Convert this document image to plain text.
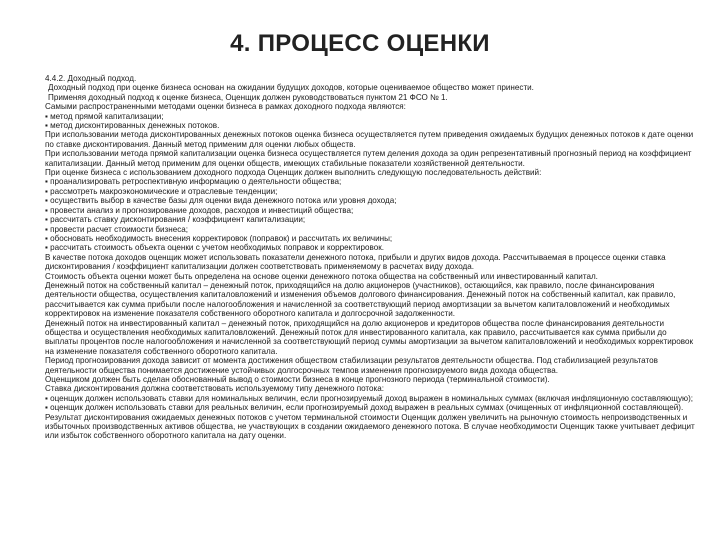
4. ПРОЦЕСС ОЦЕНКИ

4.4.2. Доходный подход.

Доходный подход при оценке бизнеса основан на ожидании будущих доходов, которые оцениваемое общество может принести.

Применяя доходный подход к оценке бизнеса, Оценщик должен руководствоваться пунктом 21 ФСО № 1.

Самыми распространенными методами оценки бизнеса в рамках доходного подхода являются:

▪ метод прямой капитализации;

▪ метод дисконтированных денежных потоков.

При использовании метода дисконтированных денежных потоков оценка бизнеса осуществляется путем приведения ожидаемых будущих денежных потоков к дате оценки по ставке дисконтирования. Данный метод применим для оценки любых обществ.

При использовании метода прямой капитализации оценка бизнеса осуществляется путем деления дохода за один репрезентативный прогнозный период на коэффициент капитализации. Данный метод применим для оценки обществ, имеющих стабильные показатели хозяйственной деятельности.

При оценке бизнеса с использованием доходного подхода Оценщик должен выполнить следующую последовательность действий:

▪ проанализировать ретроспективную информацию о деятельности общества;

▪ рассмотреть макроэкономические и отраслевые тенденции;

▪ осуществить выбор в качестве базы для оценки вида денежного потока или уровня дохода;

▪ провести анализ и прогнозирование доходов, расходов и инвестиций общества;

▪ рассчитать ставку дисконтирования / коэффициент капитализации;

▪ провести расчет стоимости бизнеса;

▪ обосновать необходимость внесения корректировок (поправок) и рассчитать их величины;

▪ рассчитать стоимость объекта оценки с учетом необходимых поправок и корректировок.

В качестве потока доходов оценщик может использовать показатели денежного потока, прибыли и других видов дохода. Рассчитываемая в процессе оценки ставка дисконтирования / коэффициент капитализации должен соответствовать применяемому в расчетах виду дохода.

Стоимость объекта оценки может быть определена на основе оценки денежного потока общества на собственный или инвестированный капитал.

Денежный поток на собственный капитал – денежный поток, приходящийся на долю акционеров (участников), остающийся, как правило, после финансирования деятельности общества, осуществления капиталовложений и изменения объемов долгового финансирования. Денежный поток на собственный капитал, как правило, рассчитывается как сумма прибыли после налогообложения и начисленной за соответствующий период амортизации за вычетом капиталовложений и необходимых корректировок на изменение показателя собственного оборотного капитала и долгосрочной задолженности.

Денежный поток на инвестированный капитал – денежный поток, приходящийся на долю акционеров и кредиторов общества после финансирования деятельности общества и осуществления необходимых капиталовложений. Денежный поток для инвестированного капитала, как правило, рассчитывается как сумма прибыли до выплаты процентов после налогообложения и начисленной за соответствующий период суммы амортизации за вычетом капиталовложений и необходимых корректировок на изменение показателя собственного оборотного капитала.

Период прогнозирования дохода зависит от момента достижения обществом стабилизации результатов деятельности общества. Под стабилизацией результатов деятельности общества понимается достижение устойчивых долгосрочных темпов изменения прогнозируемого вида дохода общества.

Оценщиком должен быть сделан обоснованный вывод о стоимости бизнеса в конце прогнозного периода (терминальной стоимости).

Ставка дисконтирования должна соответствовать используемому типу денежного потока:

▪ оценщик должен использовать ставки для номинальных величин, если прогнозируемый доход выражен в номинальных суммах (включая инфляционную составляющую);

▪ оценщик должен использовать ставки для реальных величин, если прогнозируемый доход выражен в реальных суммах (очищенных от инфляционной составляющей).

Результат дисконтирования ожидаемых денежных потоков с учетом терминальной стоимости Оценщик должен увеличить на рыночную стоимость непроизводственных и избыточных производственных активов общества, не участвующих в создании ожидаемого денежного потока. В случае необходимости Оценщик также учитывает дефицит или избыток собственного оборотного капитала на дату оценки.
